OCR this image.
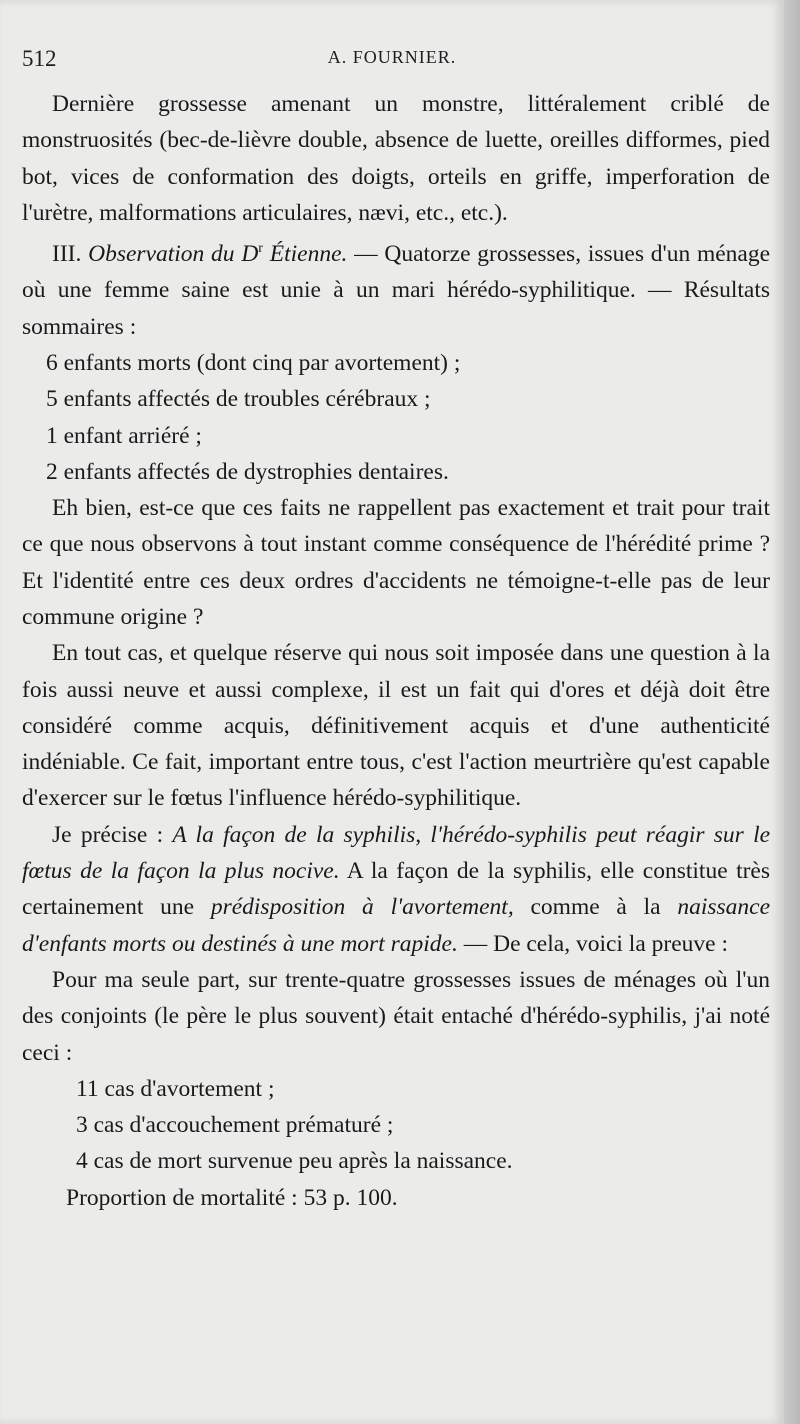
512	A. FOURNIER.

Dernière grossesse amenant un monstre, littéralement criblé de monstruosités (bec-de-lièvre double, absence de luette, oreilles difformes, pied bot, vices de conformation des doigts, orteils en griffe, imperforation de l'urètre, malformations articulaires, nævi, etc., etc.).

III. Observation du $D^r$ Étienne. — Quatorze grossesses, issues d'un ménage où une femme saine est unie à un mari hérédo-syphilitique. — Résultats sommaires :

6 enfants morts (dont cinq par avortement) ;

5 enfants affectés de troubles cérébraux ;

1 enfant arriéré ;

2 enfants affectés de dystrophies dentaires.

Eh bien, est-ce que ces faits ne rappellent pas exactement et trait pour trait ce que nous observons à tout instant comme conséquence de l'hérédité prime ? Et l'identité entre ces deux ordres d'accidents ne témoigne-t-elle pas de leur commune origine ?

En tout cas, et quelque réserve qui nous soit imposée dans une question à la fois aussi neuve et aussi complexe, il est un fait qui d'ores et déjà doit être considéré comme acquis, définitivement acquis et d'une authenticité indéniable. Ce fait, important entre tous, c'est l'action meurtrière qu'est capable d'exercer sur le fœtus l'influence hérédo-syphilitique.

Je précise : A la façon de la syphilis, l'hérédo-syphilis peut réagir sur le fœtus de la façon la plus nocive. A la façon de la syphilis, elle constitue très certainement une prédisposition à l'avortement, comme à la naissance d'enfants morts ou destinés à une mort rapide. — De cela, voici la preuve :

Pour ma seule part, sur trente-quatre grossesses issues de ménages où l'un des conjoints (le père le plus souvent) était entaché d'hérédo-syphilis, j'ai noté ceci :

11 cas d'avortement ;

3 cas d'accouchement prématuré ;

4 cas de mort survenue peu après la naissance.

Proportion de mortalité : 53 p. 100.
